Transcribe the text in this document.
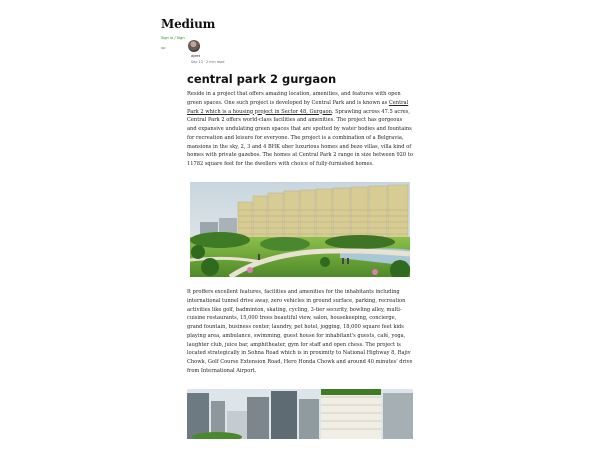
Medium
Sign in / Sign
up
ajeet
Sep 13 · 2 min read
central park 2 gurgaon

Reside in a project that offers amazing location, amenities, and features with open green spaces. One such project is developed by Central Park and is known as Central Park 2 which is a housing project in Sector 48, Gurgaon. Sprawling across 47.5 acres, Central Park 2 offers world-class facilities and amenities. The project has gorgeous and expansive undulating green spaces that are spotted by water bodies and fountains for recreation and leisure for everyone. The project is a combination of a Belgravia, mansions in the sky, 2, 3 and 4 BHK uber luxurious homes and bezo villas, villa kind of homes with private gazebos. The homes at Central Park 2 range in size between 920 to 11782 square feet for the dwellers with choice of fully-furnished homes.

It proffers excellent features, facilities and amenities for the inhabitants including international tunnel drive away, zero vehicles in ground surface, parking, recreation activities like golf, badminton, skating, cycling, 3-tier security, bowling alley, multi-cuisine restaurants, 15,000 trees beautiful view, salon, housekeeping, concierge, grand fountain, business center, laundry, pet hotel, jogging, 18,000 square feet kids playing area, ambulance, swimming, guest house for inhabitant's guests, café, yoga, laughter club, juice bar, amphitheater, gym for staff and open chess. The project is located strategically in Sohna Road which is in proximity to National Highway 8, Rajiv Chowk, Golf Course Extension Road, Hero Honda Chowk and around 40 minutes' drive from International Airport.
